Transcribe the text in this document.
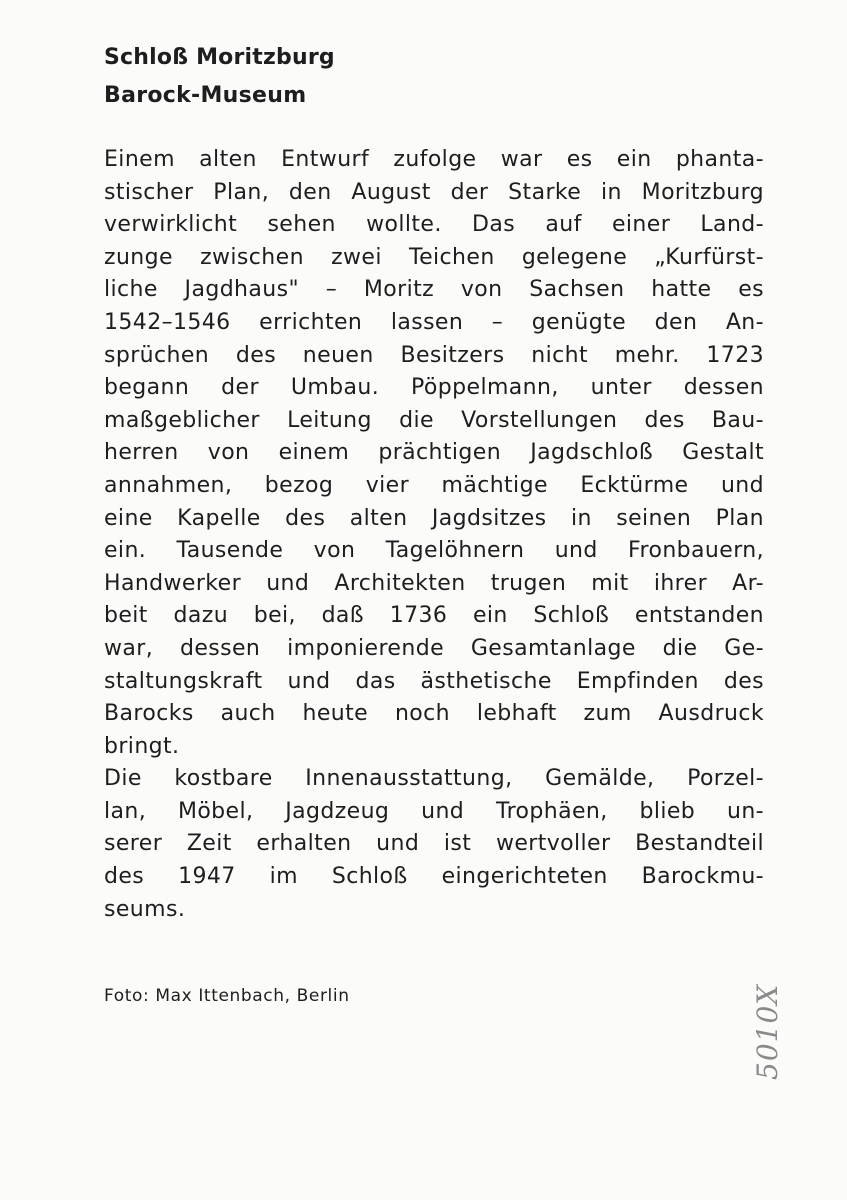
Schloß Moritzburg
Barock-Museum
Einem alten Entwurf zufolge war es ein phanta-
stischer Plan, den August der Starke in Moritzburg
verwirklicht sehen wollte. Das auf einer Land-
zunge zwischen zwei Teichen gelegene „Kurfürst-
liche Jagdhaus" – Moritz von Sachsen hatte es
1542–1546 errichten lassen – genügte den An-
sprüchen des neuen Besitzers nicht mehr. 1723
begann der Umbau. Pöppelmann, unter dessen
maßgeblicher Leitung die Vorstellungen des Bau-
herren von einem prächtigen Jagdschloß Gestalt
annahmen, bezog vier mächtige Ecktürme und
eine Kapelle des alten Jagdsitzes in seinen Plan
ein. Tausende von Tagelöhnern und Fronbauern,
Handwerker und Architekten trugen mit ihrer Ar-
beit dazu bei, daß 1736 ein Schloß entstanden
war, dessen imponierende Gesamtanlage die Ge-
staltungskraft und das ästhetische Empfinden des
Barocks auch heute noch lebhaft zum Ausdruck
bringt.
Die kostbare Innenausstattung, Gemälde, Porzel-
lan, Möbel, Jagdzeug und Trophäen, blieb un-
serer Zeit erhalten und ist wertvoller Bestandteil
des 1947 im Schloß eingerichteten Barockmu-
seums.
Foto: Max Ittenbach, Berlin	5010X
